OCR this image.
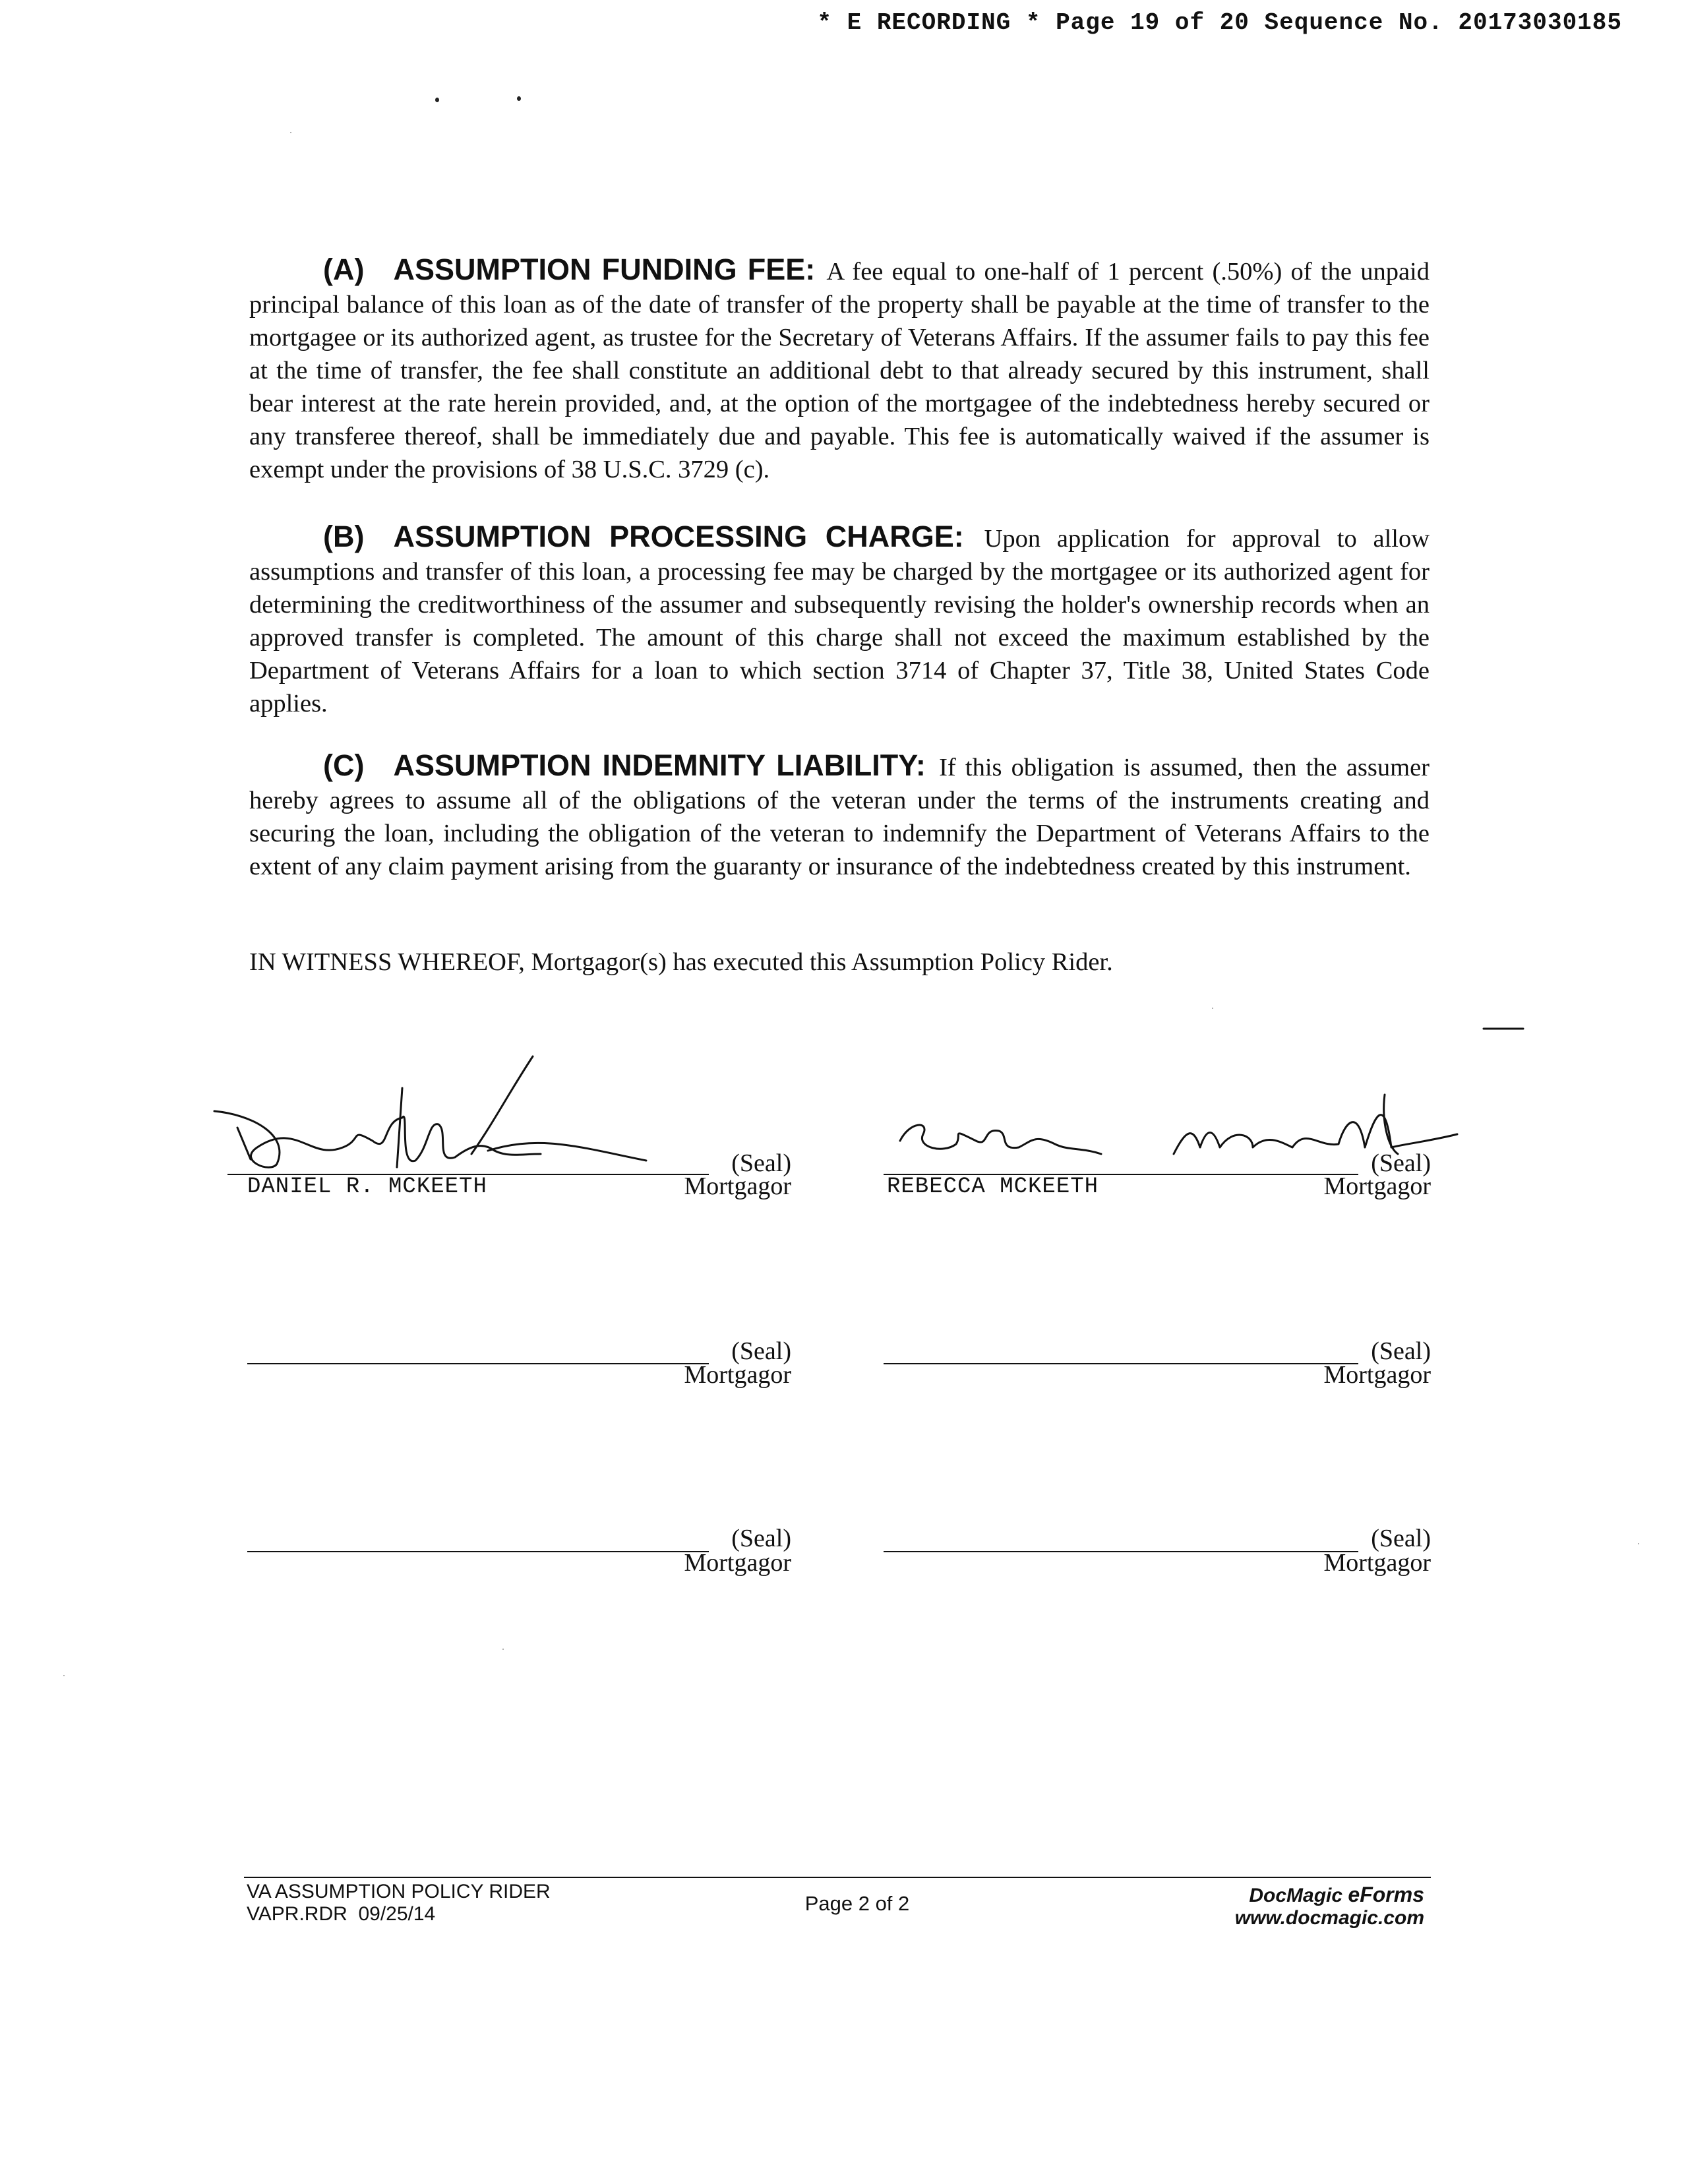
* E RECORDING * Page 19 of 20 Sequence No. 20173030185
(A) ASSUMPTION FUNDING FEE: A fee equal to one-half of 1 percent (.50%) of the unpaid principal balance of this loan as of the date of transfer of the property shall be payable at the time of transfer to the mortgagee or its authorized agent, as trustee for the Secretary of Veterans Affairs. If the assumer fails to pay this fee at the time of transfer, the fee shall constitute an additional debt to that already secured by this instrument, shall bear interest at the rate herein provided, and, at the option of the mortgagee of the indebtedness hereby secured or any transferee thereof, shall be immediately due and payable. This fee is automatically waived if the assumer is exempt under the provisions of 38 U.S.C. 3729 (c).
(B) ASSUMPTION PROCESSING CHARGE: Upon application for approval to allow assumptions and transfer of this loan, a processing fee may be charged by the mortgagee or its authorized agent for determining the creditworthiness of the assumer and subsequently revising the holder's ownership records when an approved transfer is completed. The amount of this charge shall not exceed the maximum established by the Department of Veterans Affairs for a loan to which section 3714 of Chapter 37, Title 38, United States Code applies.
(C) ASSUMPTION INDEMNITY LIABILITY: If this obligation is assumed, then the assumer hereby agrees to assume all of the obligations of the veteran under the terms of the instruments creating and securing the loan, including the obligation of the veteran to indemnify the Department of Veterans Affairs to the extent of any claim payment arising from the guaranty or insurance of the indebtedness created by this instrument.
IN WITNESS WHEREOF, Mortgagor(s) has executed this Assumption Policy Rider.
(Seal)
Mortgagor
DANIEL R. MCKEETH
(Seal)
Mortgagor
REBECCA MCKEETH
(Seal)
Mortgagor
(Seal)
Mortgagor
(Seal)
Mortgagor
(Seal)
Mortgagor
VA ASSUMPTION POLICY RIDER
VAPR.RDR  09/25/14	Page 2 of 2	DocMagic eForms
www.docmagic.com
